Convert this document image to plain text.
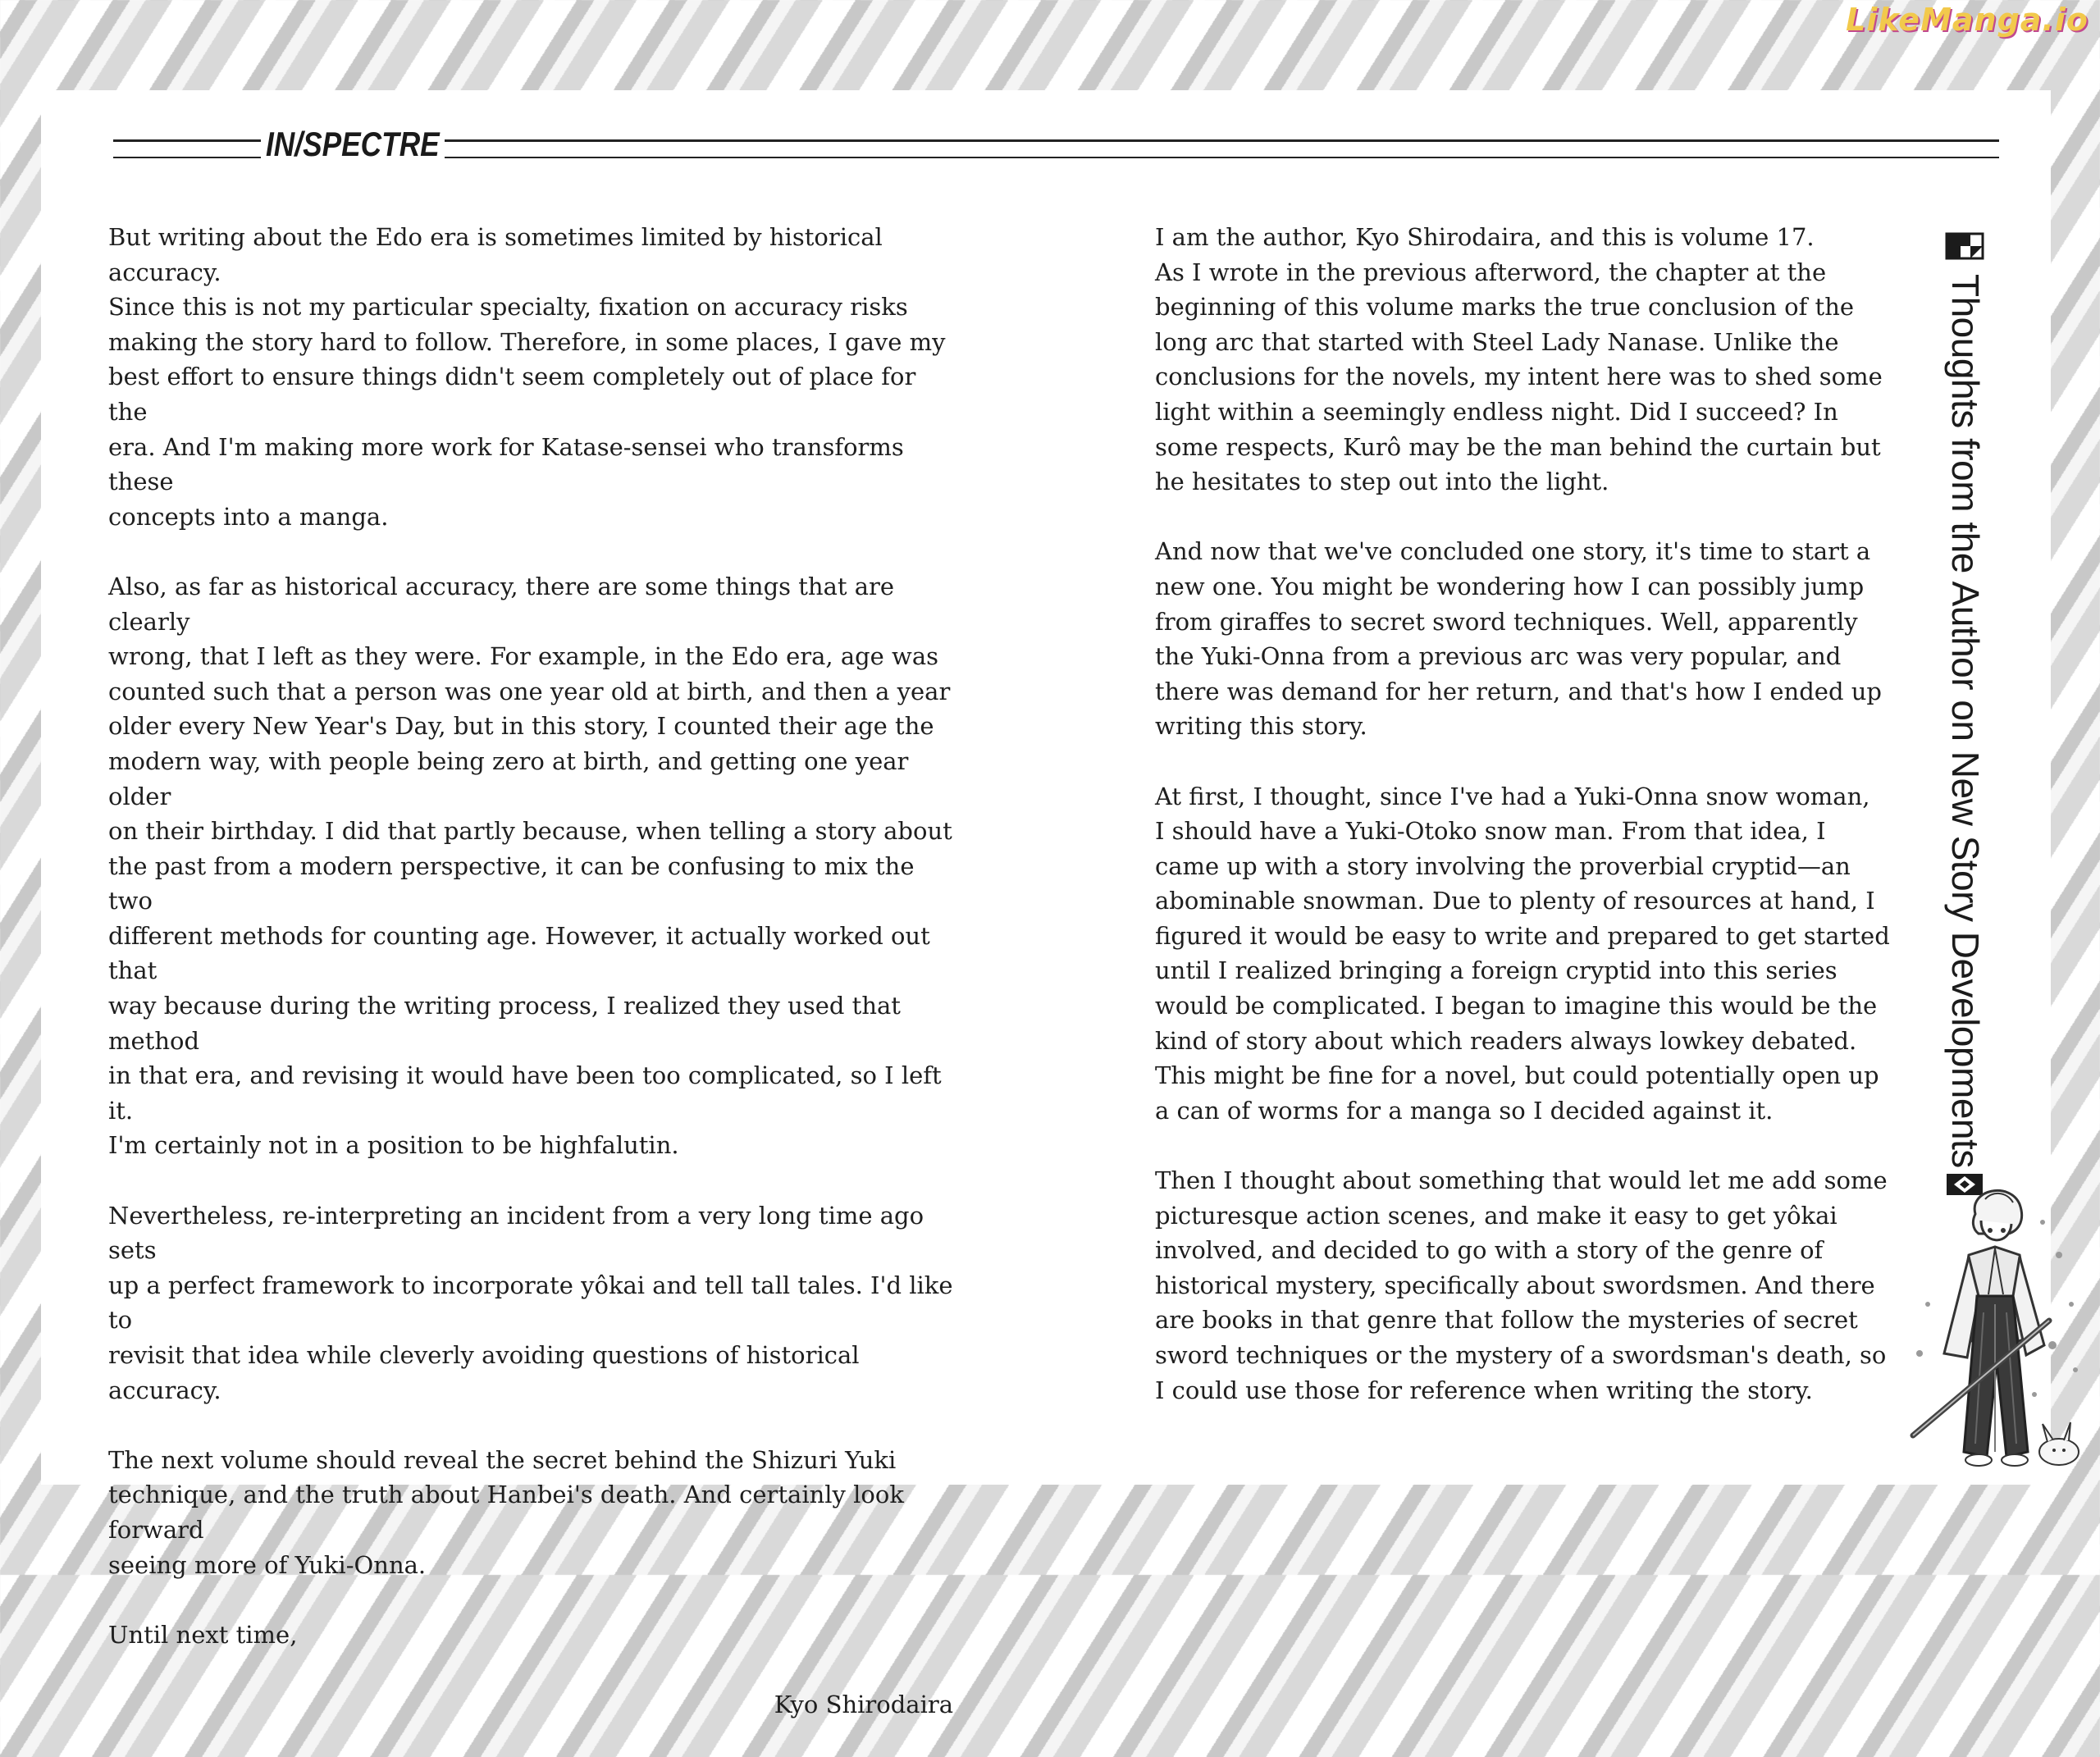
LikeManga.io
IN/SPECTRE

But writing about the Edo era is sometimes limited by historical accuracy.
Since this is not my particular specialty, fixation on accuracy risks
making the story hard to follow. Therefore, in some places, I gave my
best effort to ensure things didn't seem completely out of place for the
era. And I'm making more work for Katase-sensei who transforms these
concepts into a manga.

Also, as far as historical accuracy, there are some things that are clearly
wrong, that I left as they were. For example, in the Edo era, age was
counted such that a person was one year old at birth, and then a year
older every New Year's Day, but in this story, I counted their age the
modern way, with people being zero at birth, and getting one year older
on their birthday. I did that partly because, when telling a story about
the past from a modern perspective, it can be confusing to mix the two
different methods for counting age. However, it actually worked out that
way because during the writing process, I realized they used that method
in that era, and revising it would have been too complicated, so I left it.
I'm certainly not in a position to be highfalutin.

Nevertheless, re-interpreting an incident from a very long time ago sets
up a perfect framework to incorporate yôkai and tell tall tales. I'd like to
revisit that idea while cleverly avoiding questions of historical accuracy.

The next volume should reveal the secret behind the Shizuri Yuki
technique, and the truth about Hanbei's death. And certainly look forward
seeing more of Yuki-Onna.

Until next time,

Kyo Shirodaira

I am the author, Kyo Shirodaira, and this is volume 17.
As I wrote in the previous afterword, the chapter at the
beginning of this volume marks the true conclusion of the
long arc that started with Steel Lady Nanase. Unlike the
conclusions for the novels, my intent here was to shed some
light within a seemingly endless night. Did I succeed? In
some respects, Kurô may be the man behind the curtain but
he hesitates to step out into the light.

And now that we've concluded one story, it's time to start a
new one. You might be wondering how I can possibly jump
from giraffes to secret sword techniques. Well, apparently
the Yuki-Onna from a previous arc was very popular, and
there was demand for her return, and that's how I ended up
writing this story.

At first, I thought, since I've had a Yuki-Onna snow woman,
I should have a Yuki-Otoko snow man. From that idea, I
came up with a story involving the proverbial cryptid—an
abominable snowman. Due to plenty of resources at hand, I
figured it would be easy to write and prepared to get started
until I realized bringing a foreign cryptid into this series
would be complicated. I began to imagine this would be the
kind of story about which readers always lowkey debated.
This might be fine for a novel, but could potentially open up
a can of worms for a manga so I decided against it.

Then I thought about something that would let me add some
picturesque action scenes, and make it easy to get yôkai
involved, and decided to go with a story of the genre of
historical mystery, specifically about swordsmen. And there
are books in that genre that follow the mysteries of secret
sword techniques or the mystery of a swordsman's death, so
I could use those for reference when writing the story.

Thoughts from the Author on New Story Developments
